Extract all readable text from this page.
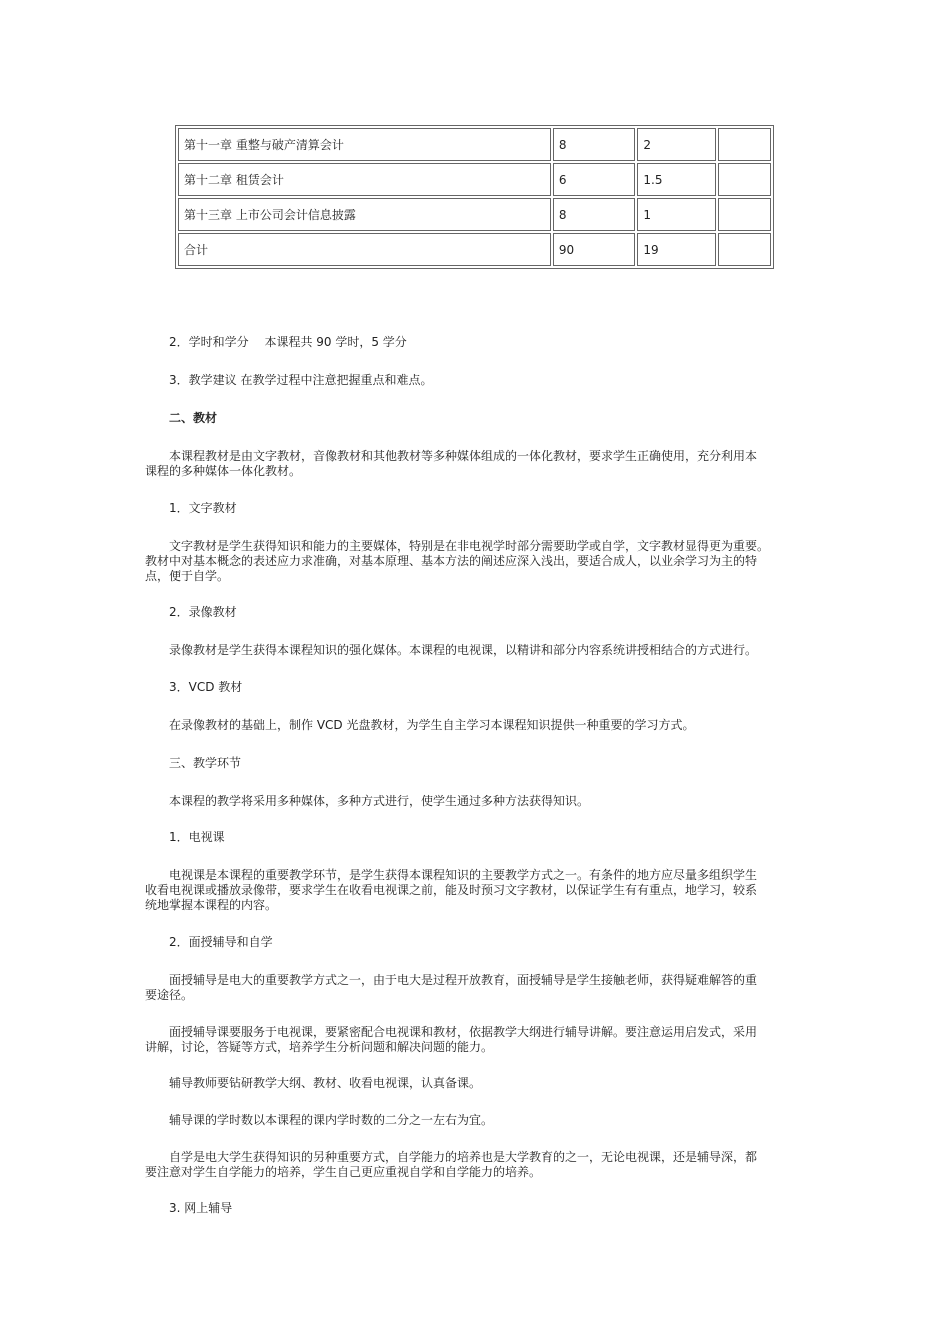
第十一章 重整与破产清算会计	8	2	
第十二章 租赁会计	6	1.5	
第十三章 上市公司会计信息披露	8	1	
合计	90	19	
　　2．学时和学分　 本课程共 90 学时，5 学分
　　3．教学建议 在教学过程中注意把握重点和难点。
　　二、教材
　　本课程教材是由文字教材，音像教材和其他教材等多种媒体组成的一体化教材，要求学生正确使用，充分利用本
课程的多种媒体一体化教材。
　　1．文字教材
　　文字教材是学生获得知识和能力的主要媒体，特别是在非电视学时部分需要助学或自学，文字教材显得更为重要。
教材中对基本概念的表述应力求准确，对基本原理、基本方法的阐述应深入浅出，要适合成人，以业余学习为主的特
点，便于自学。
　　2．录像教材
　　录像教材是学生获得本课程知识的强化媒体。本课程的电视课，以精讲和部分内容系统讲授相结合的方式进行。
　　3．VCD 教材
　　在录像教材的基础上，制作 VCD 光盘教材，为学生自主学习本课程知识提供一种重要的学习方式。
　　三、教学环节
　　本课程的教学将采用多种媒体，多种方式进行，使学生通过多种方法获得知识。
　　1．电视课
　　电视课是本课程的重要教学环节，是学生获得本课程知识的主要教学方式之一。有条件的地方应尽量多组织学生
收看电视课或播放录像带，要求学生在收看电视课之前，能及时预习文字教材，以保证学生有有重点，地学习，较系
统地掌握本课程的内容。
　　2．面授辅导和自学
　　面授辅导是电大的重要教学方式之一，由于电大是过程开放教育，面授辅导是学生接触老师，获得疑难解答的重
要途径。
　　面授辅导课要服务于电视课，要紧密配合电视课和教材，依据教学大纲进行辅导讲解。要注意运用启发式，采用
讲解，讨论，答疑等方式，培养学生分析问题和解决问题的能力。
　　辅导教师要钻研教学大纲、教材、收看电视课，认真备课。
　　辅导课的学时数以本课程的课内学时数的二分之一左右为宜。
　　自学是电大学生获得知识的另种重要方式，自学能力的培养也是大学教育的之一，无论电视课，还是辅导深，都
要注意对学生自学能力的培养，学生自己更应重视自学和自学能力的培养。
　　3. 网上辅导
